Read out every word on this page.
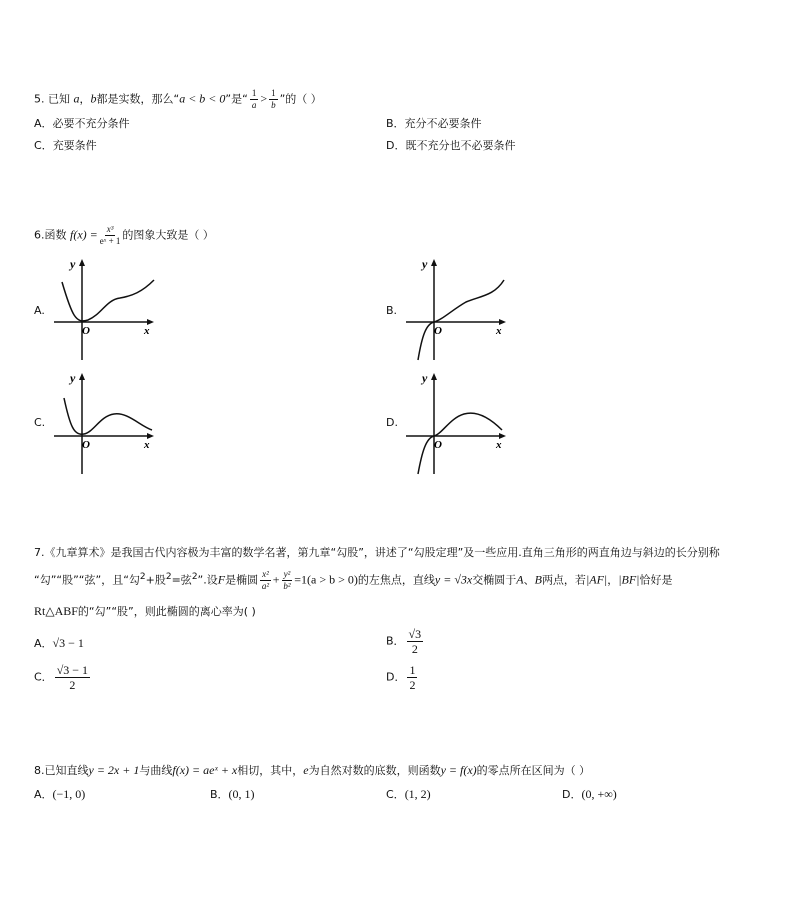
5. 已知 a，b都是实数，那么“a < b < 0”是“ $\frac{1}{a} > \frac{1}{b}$ ”的（ ）
A．必要不充分条件	B．充分不必要条件
C．充要条件	D．既不充分也不必要条件
6.函数 $f(x) = \frac{\text{x³}}{\text{eˣ + 1}}$ 的图象大致是（ ）
A.	B.
C.	D.
y
O	x
y
O	x
y
O	x
y
O	x
7.《九章算术》是我国古代内容极为丰富的数学名著，第九章“勾股”，讲述了“勾股定理”及一些应用.直角三角形的两直角边与斜边的长分别称
“勾”“股”“弦”，且“勾$^2$+股$^2$=弦$^2$”.设F是椭圆 $\frac{\text{x²}}{\text{a²}} + \frac{\text{y²}}{\text{b²}} =1(a > b > 0)$的左焦点，直线y = √3x交椭圆于A、B两点，若|AF|，|BF|恰好是
Rt△ABF的“勾”“股”，则此椭圆的离心率为( )
A．√3 − 1	B． $\frac{√3}{2}$
C． $\frac{√3 - 1}{2}$	D． $\frac{1}{2}$
8.已知直线y = 2x + 1与曲线f(x) = aeˣ + x相切，其中，e为自然对数的底数，则函数y = f(x)的零点所在区间为（ ）
A．(−1, 0)	B．(0, 1)	C．(1, 2)	D．(0, +∞)
